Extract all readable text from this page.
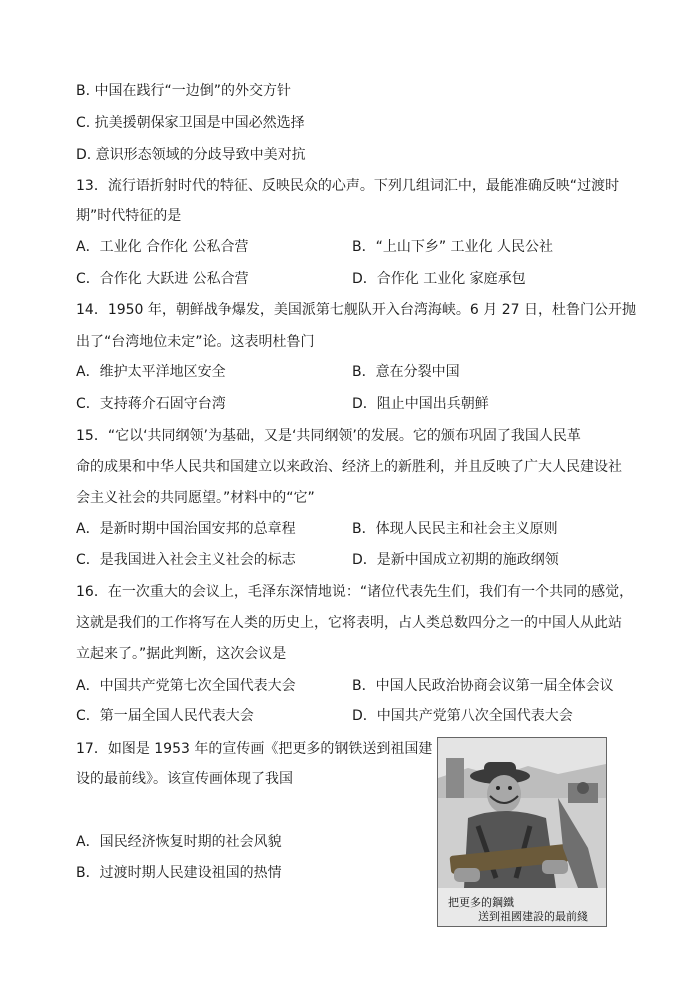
B. 中国在践行“一边倒”的外交方针
C. 抗美援朝保家卫国是中国必然选择
D. 意识形态领域的分歧导致中美对抗
13．流行语折射时代的特征、反映民众的心声。下列几组词汇中，最能准确反映“过渡时
期”时代特征的是
A．工业化 合作化 公私合营	B．“上山下乡” 工业化 人民公社
C．合作化 大跃进 公私合营	D．合作化 工业化 家庭承包
14．1950 年，朝鲜战争爆发，美国派第七舰队开入台湾海峡。6 月 27 日，杜鲁门公开抛
出了“台湾地位未定”论。这表明杜鲁门
A．维护太平洋地区安全	B．意在分裂中国
C．支持蒋介石固守台湾	D．阻止中国出兵朝鲜
15．“它以‘共同纲领’为基础，又是‘共同纲领’的发展。它的颁布巩固了我国人民革
命的成果和中华人民共和国建立以来政治、经济上的新胜利，并且反映了广大人民建设社
会主义社会的共同愿望。”材料中的“它”
A．是新时期中国治国安邦的总章程	B．体现人民民主和社会主义原则
C．是我国进入社会主义社会的标志	D．是新中国成立初期的施政纲领
16．在一次重大的会议上，毛泽东深情地说：“诸位代表先生们，我们有一个共同的感觉，
这就是我们的工作将写在人类的历史上，它将表明，占人类总数四分之一的中国人从此站
立起来了。”据此判断，这次会议是
A．中国共产党第七次全国代表大会	B．中国人民政治协商会议第一届全体会议
C．第一届全国人民代表大会	D．中国共产党第八次全国代表大会
17．如图是 1953 年的宣传画《把更多的钢铁送到祖国建
设的最前线》。该宣传画体现了我国
A．国民经济恢复时期的社会风貌
B．过渡时期人民建设祖国的热情
把更多的鋼鐵
送到祖國建設的最前綫
